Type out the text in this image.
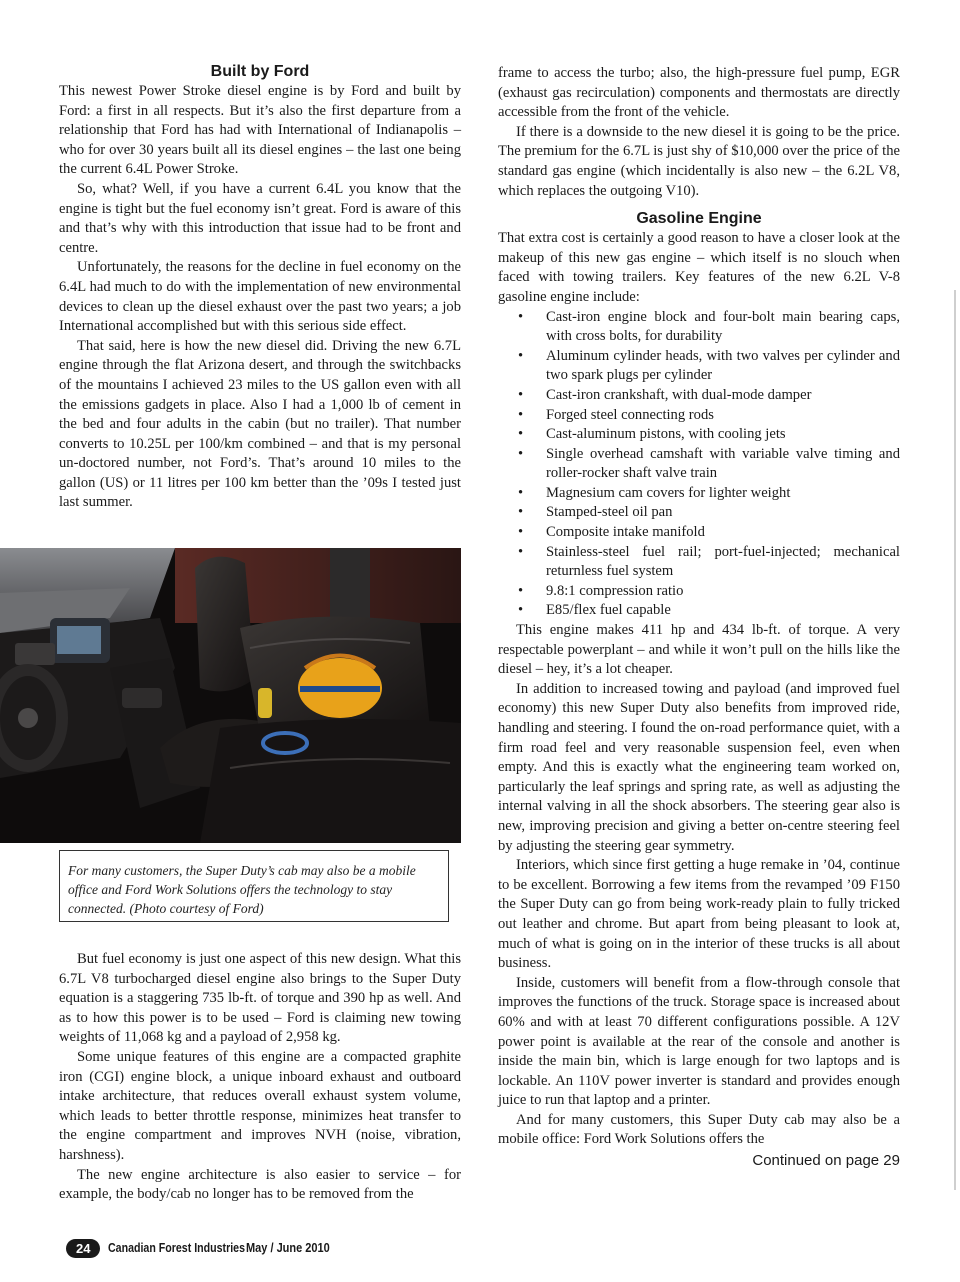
Built by Ford

This newest Power Stroke diesel engine is by Ford and built by Ford: a first in all respects. But it’s also the first departure from a relationship that Ford has had with International of Indianapolis – who for over 30 years built all its diesel engines – the last one being the current 6.4L Power Stroke.

So, what? Well, if you have a current 6.4L you know that the engine is tight but the fuel economy isn’t great. Ford is aware of this and that’s why with this introduction that issue had to be front and centre.

Unfortunately, the reasons for the decline in fuel economy on the 6.4L had much to do with the implementation of new environmental devices to clean up the diesel exhaust over the past two years; a job International accomplished but with this serious side effect.

That said, here is how the new diesel did. Driving the new 6.7L engine through the flat Arizona desert, and through the switchbacks of the mountains I achieved 23 miles to the US gallon even with all the emissions gadgets in place. Also I had a 1,000 lb of cement in the bed and four adults in the cabin (but no trailer). That number converts to 10.25L per 100/km combined – and that is my personal un-doctored number, not Ford’s. That’s around 10 miles to the gallon (US) or 11 litres per 100 km better than the ’09s I tested just last summer.

For many customers, the Super Duty’s cab may also be a mobile office and Ford Work Solutions offers the technology to stay connected. (Photo courtesy of Ford)

But fuel economy is just one aspect of this new design. What this 6.7L V8 turbocharged diesel engine also brings to the Super Duty equation is a staggering 735 lb-ft. of torque and 390 hp as well. And as to how this power is to be used – Ford is claiming new towing weights of 11,068 kg and a payload of 2,958 kg.

Some unique features of this engine are a compacted graphite iron (CGI) engine block, a unique inboard exhaust and outboard intake architecture, that reduces overall exhaust system volume, which leads to better throttle response, minimizes heat transfer to the engine compartment and improves NVH (noise, vibration, harshness).

The new engine architecture is also easier to service – for example, the body/cab no longer has to be removed from the

frame to access the turbo; also, the high-pressure fuel pump, EGR (exhaust gas recirculation) components and thermostats are directly accessible from the front of the vehicle.

If there is a downside to the new diesel it is going to be the price. The premium for the 6.7L is just shy of $10,000 over the price of the standard gas engine (which incidentally is also new – the 6.2L V8, which replaces the outgoing V10).

Gasoline Engine

That extra cost is certainly a good reason to have a closer look at the makeup of this new gas engine – which itself is no slouch when faced with towing trailers. Key features of the new 6.2L V-8 gasoline engine include:

• Cast-iron engine block and four-bolt main bearing caps, with cross bolts, for durability
• Aluminum cylinder heads, with two valves per cylinder and two spark plugs per cylinder
• Cast-iron crankshaft, with dual-mode damper
• Forged steel connecting rods
• Cast-aluminum pistons, with cooling jets
• Single overhead camshaft with variable valve timing and roller-rocker shaft valve train
• Magnesium cam covers for lighter weight
• Stamped-steel oil pan
• Composite intake manifold
• Stainless-steel fuel rail; port-fuel-injected; mechanical returnless fuel system
• 9.8:1 compression ratio
• E85/flex fuel capable

This engine makes 411 hp and 434 lb-ft. of torque. A very respectable powerplant – and while it won’t pull on the hills like the diesel – hey, it’s a lot cheaper.

In addition to increased towing and payload (and improved fuel economy) this new Super Duty also benefits from improved ride, handling and steering. I found the on-road performance quiet, with a firm road feel and very reasonable suspension feel, even when empty. And this is exactly what the engineering team worked on, particularly the leaf springs and spring rate, as well as adjusting the internal valving in all the shock absorbers. The steering gear also is new, improving precision and giving a better on-centre steering feel by adjusting the steering gear symmetry.

Interiors, which since first getting a huge remake in ’04, continue to be excellent. Borrowing a few items from the revamped ’09 F150 the Super Duty can go from being work-ready plain to fully tricked out leather and chrome. But apart from being pleasant to look at, much of what is going on in the interior of these trucks is all about business.

Inside, customers will benefit from a flow-through console that improves the functions of the truck. Storage space is increased about 60% and with at least 70 different configurations possible. A 12V power point is available at the rear of the console and another is inside the main bin, which is large enough for two laptops and is lockable. An 110V power inverter is standard and provides enough juice to run that laptop and a printer.

And for many customers, this Super Duty cab may also be a mobile office: Ford Work Solutions offers the

Continued on page 29
24	Canadian Forest Industries May / June 2010
